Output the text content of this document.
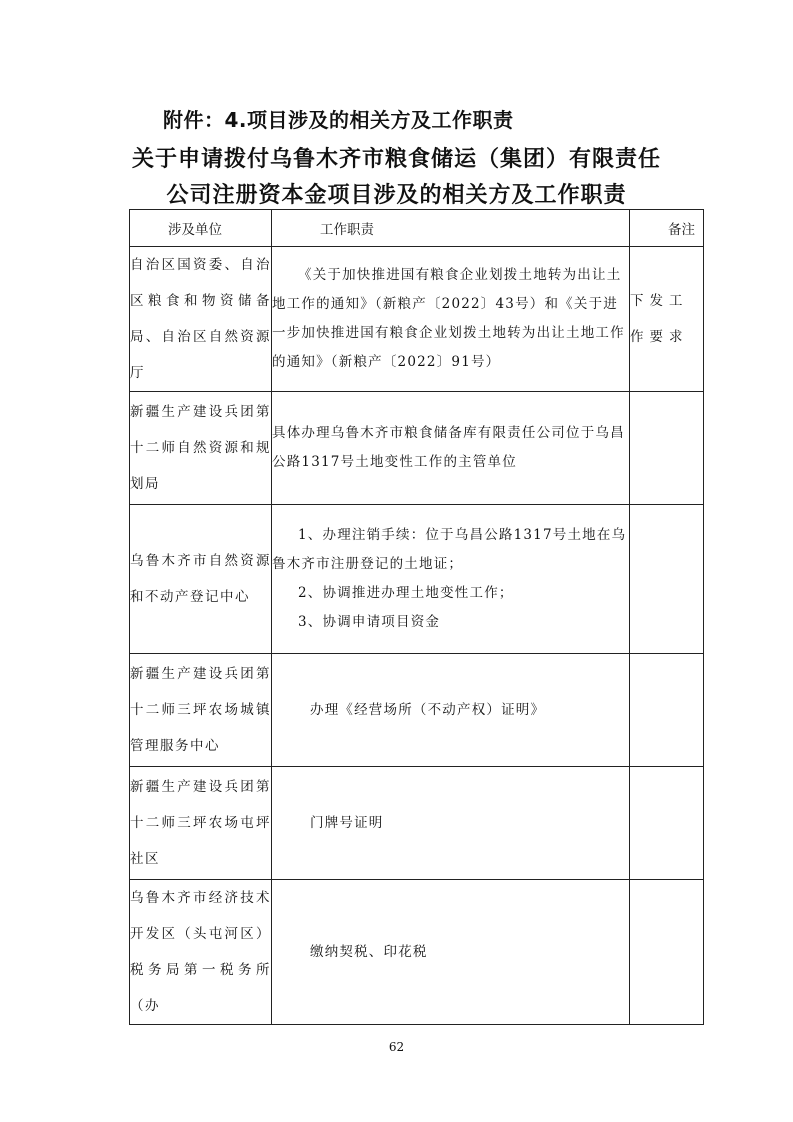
附件：4.项目涉及的相关方及工作职责
关于申请拨付乌鲁木齐市粮食储运（集团）有限责任
公司注册资本金项目涉及的相关方及工作职责
涉及单位	工作职责	备注

自治区国资委、自治区粮食和物资储备局、自治区自然资源厅	《关于加快推进国有粮食企业划拨土地转为出让土地工作的通知》（新粮产〔2022〕43号）和《关于进一步加快推进国有粮食企业划拨土地转为出让土地工作的通知》（新粮产〔2022〕91号）	下发工作要求
新疆生产建设兵团第十二师自然资源和规划局	具体办理乌鲁木齐市粮食储备库有限责任公司位于乌昌公路1317号土地变性工作的主管单位	

乌鲁木齐市自然资源和不动产登记中心	1、办理注销手续：位于乌昌公路1317号土地在乌鲁木齐市注册登记的土地证；

2、协调推进办理土地变性工作；

3、协调申请项目资金	

新疆生产建设兵团第十二师三坪农场城镇管理服务中心	办理《经营场所（不动产权）证明》	

新疆生产建设兵团第十二师三坪农场屯坪社区	门牌号证明	

乌鲁木齐市经济技术开发区（头屯河区）税务局第一税务所（办	缴纳契税、印花税	

62
